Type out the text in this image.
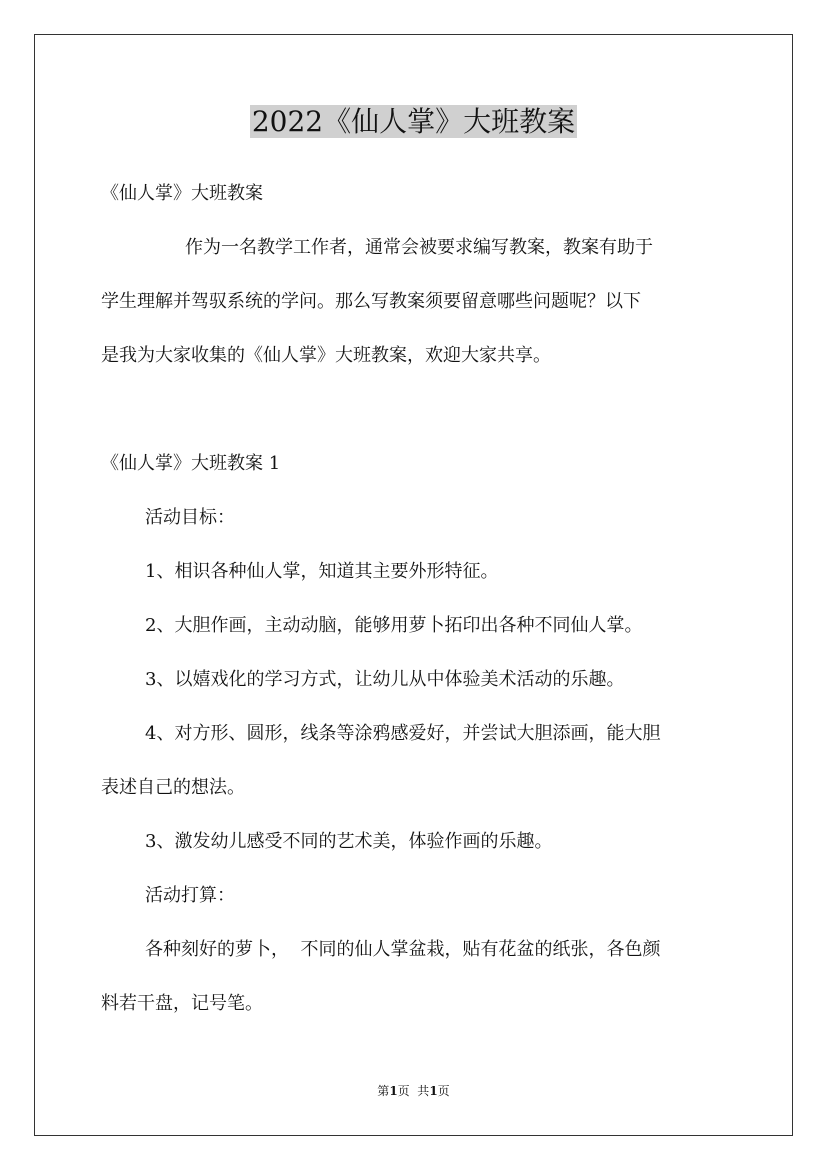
2022《仙人掌》大班教案
《仙人掌》大班教案
作为一名教学工作者，通常会被要求编写教案，教案有助于
学生理解并驾驭系统的学问。那么写教案须要留意哪些问题呢？以下
是我为大家收集的《仙人掌》大班教案，欢迎大家共享。
《仙人掌》大班教案 1
活动目标：
1、相识各种仙人掌，知道其主要外形特征。
2、大胆作画，主动动脑，能够用萝卜拓印出各种不同仙人掌。
3、以嬉戏化的学习方式，让幼儿从中体验美术活动的乐趣。
4、对方形、圆形，线条等涂鸦感爱好，并尝试大胆添画，能大胆
表述自己的想法。
3、激发幼儿感受不同的艺术美，体验作画的乐趣。
活动打算：
各种刻好的萝卜，  不同的仙人掌盆栽，贴有花盆的纸张，各色颜
料若干盘，记号笔。
第1页  共1页
